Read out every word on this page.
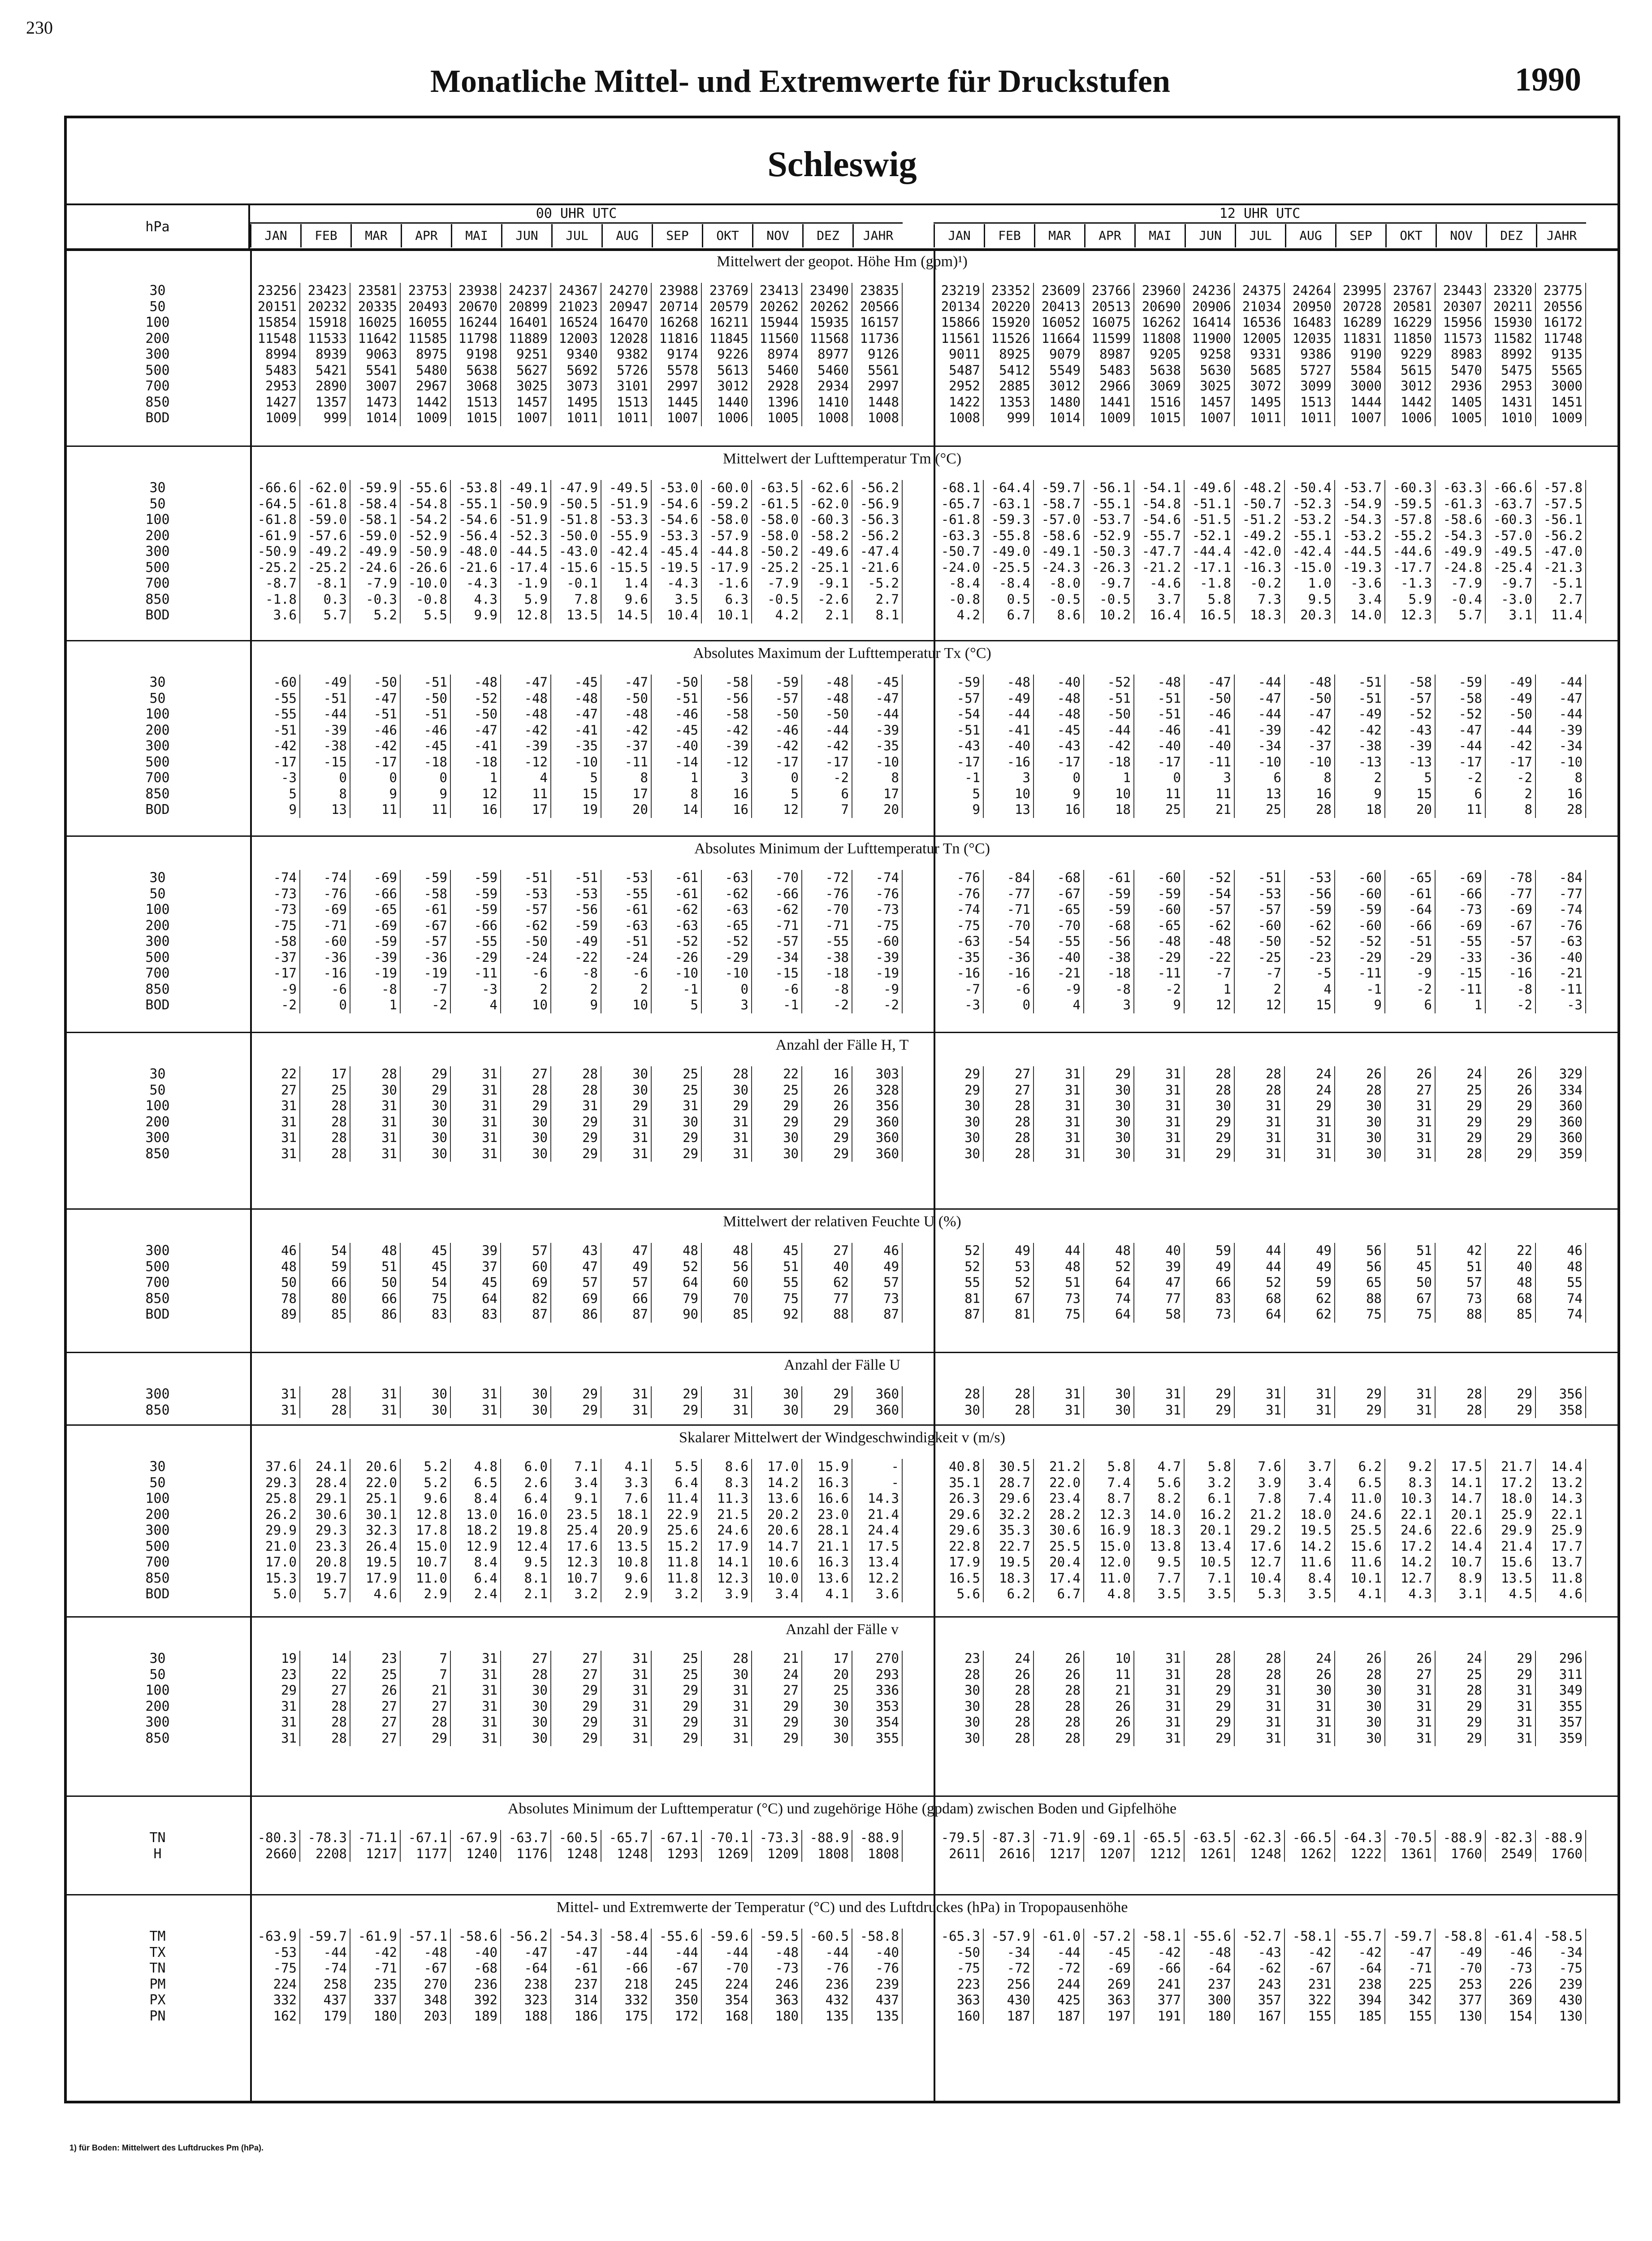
230
Monatliche Mittel- und Extremwerte für Druckstufen	1990
Schleswig
hPa
00 UHR UTC	12 UHR UTC
JAN	FEB	MAR	APR	MAI	JUN	JUL	AUG	SEP	OKT	NOV	DEZ	JAHR	JAN	FEB	MAR	APR	MAI	JUN	JUL	AUG	SEP	OKT	NOV	DEZ	JAHR
Mittelwert der geopot. Höhe Hm (gpm)¹)
30	23256 23423 23581 23753 23938 24237 24367 24270 23988 23769 23413 23490 23835	23219 23352 23609 23766 23960 24236 24375 24264 23995 23767 23443 23320 23775
50	20151 20232 20335 20493 20670 20899 21023 20947 20714 20579 20262 20262 20566	20134 20220 20413 20513 20690 20906 21034 20950 20728 20581 20307 20211 20556
100	15854 15918 16025 16055 16244 16401 16524 16470 16268 16211 15944 15935 16157	15866 15920 16052 16075 16262 16414 16536 16483 16289 16229 15956 15930 16172
200	11548 11533 11642 11585 11798 11889 12003 12028 11816 11845 11560 11568 11736	11561 11526 11664 11599 11808 11900 12005 12035 11831 11850 11573 11582 11748
300	8994	8939	9063	8975	9198	9251	9340	9382	9174	9226	8974	8977	9126	9011	8925	9079	8987	9205	9258	9331	9386	9190	9229	8983	8992	9135
500	5483	5421	5541	5480	5638	5627	5692	5726	5578	5613	5460	5460	5561	5487	5412	5549	5483	5638	5630	5685	5727	5584	5615	5470	5475	5565
700	2953	2890	3007	2967	3068	3025	3073	3101	2997	3012	2928	2934	2997	2952	2885	3012	2966	3069	3025	3072	3099	3000	3012	2936	2953	3000
850	1427	1357	1473	1442	1513	1457	1495	1513	1445	1440	1396	1410	1448	1422	1353	1480	1441	1516	1457	1495	1513	1444	1442	1405	1431	1451
BOD	1009	999	1014	1009	1015	1007	1011	1011	1007	1006	1005	1008	1008	1008	999	1014	1009	1015	1007	1011	1011	1007	1006	1005	1010	1009
Mittelwert der Lufttemperatur Tm (°C)
30	-66.6 -62.0 -59.9 -55.6 -53.8 -49.1 -47.9 -49.5 -53.0 -60.0 -63.5 -62.6 -56.2	-68.1 -64.4 -59.7 -56.1 -54.1 -49.6 -48.2 -50.4 -53.7 -60.3 -63.3 -66.6 -57.8
50	-64.5 -61.8 -58.4 -54.8 -55.1 -50.9 -50.5 -51.9 -54.6 -59.2 -61.5 -62.0 -56.9	-65.7 -63.1 -58.7 -55.1 -54.8 -51.1 -50.7 -52.3 -54.9 -59.5 -61.3 -63.7 -57.5
100	-61.8 -59.0 -58.1 -54.2 -54.6 -51.9 -51.8 -53.3 -54.6 -58.0 -58.0 -60.3 -56.3	-61.8 -59.3 -57.0 -53.7 -54.6 -51.5 -51.2 -53.2 -54.3 -57.8 -58.6 -60.3 -56.1
200	-61.9 -57.6 -59.0 -52.9 -56.4 -52.3 -50.0 -55.9 -53.3 -57.9 -58.0 -58.2 -56.2	-63.3 -55.8 -58.6 -52.9 -55.7 -52.1 -49.2 -55.1 -53.2 -55.2 -54.3 -57.0 -56.2
300	-50.9 -49.2 -49.9 -50.9 -48.0 -44.5 -43.0 -42.4 -45.4 -44.8 -50.2 -49.6 -47.4	-50.7 -49.0 -49.1 -50.3 -47.7 -44.4 -42.0 -42.4 -44.5 -44.6 -49.9 -49.5 -47.0
500	-25.2 -25.2 -24.6 -26.6 -21.6 -17.4 -15.6 -15.5 -19.5 -17.9 -25.2 -25.1 -21.6	-24.0 -25.5 -24.3 -26.3 -21.2 -17.1 -16.3 -15.0 -19.3 -17.7 -24.8 -25.4 -21.3
700	-8.7	-8.1	-7.9 -10.0	-4.3	-1.9	-0.1	1.4	-4.3	-1.6	-7.9	-9.1	-5.2	-8.4	-8.4	-8.0	-9.7	-4.6	-1.8	-0.2	1.0	-3.6	-1.3	-7.9	-9.7	-5.1
850	-1.8	0.3	-0.3	-0.8	4.3	5.9	7.8	9.6	3.5	6.3	-0.5	-2.6	2.7	-0.8	0.5	-0.5	-0.5	3.7	5.8	7.3	9.5	3.4	5.9	-0.4	-3.0	2.7
BOD	3.6	5.7	5.2	5.5	9.9	12.8	13.5	14.5	10.4	10.1	4.2	2.1	8.1	4.2	6.7	8.6	10.2	16.4	16.5	18.3	20.3	14.0	12.3	5.7	3.1	11.4
Absolutes Maximum der Lufttemperatur Tx (°C)
30	-60	-49	-50	-51	-48	-47	-45	-47	-50	-58	-59	-48	-45	-59	-48	-40	-52	-48	-47	-44	-48	-51	-58	-59	-49	-44
50	-55	-51	-47	-50	-52	-48	-48	-50	-51	-56	-57	-48	-47	-57	-49	-48	-51	-51	-50	-47	-50	-51	-57	-58	-49	-47
100	-55	-44	-51	-51	-50	-48	-47	-48	-46	-58	-50	-50	-44	-54	-44	-48	-50	-51	-46	-44	-47	-49	-52	-52	-50	-44
200	-51	-39	-46	-46	-47	-42	-41	-42	-45	-42	-46	-44	-39	-51	-41	-45	-44	-46	-41	-39	-42	-42	-43	-47	-44	-39
300	-42	-38	-42	-45	-41	-39	-35	-37	-40	-39	-42	-42	-35	-43	-40	-43	-42	-40	-40	-34	-37	-38	-39	-44	-42	-34
500	-17	-15	-17	-18	-18	-12	-10	-11	-14	-12	-17	-17	-10	-17	-16	-17	-18	-17	-11	-10	-10	-13	-13	-17	-17	-10
700	-3	0	0	0	1	4	5	8	1	3	0	-2	8	-1	3	0	1	0	3	6	8	2	5	-2	-2	8
850	5	8	9	9	12	11	15	17	8	16	5	6	17	5	10	9	10	11	11	13	16	9	15	6	2	16
BOD	9	13	11	11	16	17	19	20	14	16	12	7	20	9	13	16	18	25	21	25	28	18	20	11	8	28
Absolutes Minimum der Lufttemperatur Tn (°C)
30	-74	-74	-69	-59	-59	-51	-51	-53	-61	-63	-70	-72	-74	-76	-84	-68	-61	-60	-52	-51	-53	-60	-65	-69	-78	-84
50	-73	-76	-66	-58	-59	-53	-53	-55	-61	-62	-66	-76	-76	-76	-77	-67	-59	-59	-54	-53	-56	-60	-61	-66	-77	-77
100	-73	-69	-65	-61	-59	-57	-56	-61	-62	-63	-62	-70	-73	-74	-71	-65	-59	-60	-57	-57	-59	-59	-64	-73	-69	-74
200	-75	-71	-69	-67	-66	-62	-59	-63	-63	-65	-71	-71	-75	-75	-70	-70	-68	-65	-62	-60	-62	-60	-66	-69	-67	-76
300	-58	-60	-59	-57	-55	-50	-49	-51	-52	-52	-57	-55	-60	-63	-54	-55	-56	-48	-48	-50	-52	-52	-51	-55	-57	-63
500	-37	-36	-39	-36	-29	-24	-22	-24	-26	-29	-34	-38	-39	-35	-36	-40	-38	-29	-22	-25	-23	-29	-29	-33	-36	-40
700	-17	-16	-19	-19	-11	-6	-8	-6	-10	-10	-15	-18	-19	-16	-16	-21	-18	-11	-7	-7	-5	-11	-9	-15	-16	-21
850	-9	-6	-8	-7	-3	2	2	2	-1	0	-6	-8	-9	-7	-6	-9	-8	-2	1	2	4	-1	-2	-11	-8	-11
BOD	-2	0	1	-2	4	10	9	10	5	3	-1	-2	-2	-3	0	4	3	9	12	12	15	9	6	1	-2	-3
Anzahl der Fälle H, T
30	22	17	28	29	31	27	28	30	25	28	22	16	303	29	27	31	29	31	28	28	24	26	26	24	26	329
50	27	25	30	29	31	28	28	30	25	30	25	26	328	29	27	31	30	31	28	28	24	28	27	25	26	334
100	31	28	31	30	31	29	31	29	31	29	29	26	356	30	28	31	30	31	30	31	29	30	31	29	29	360
200	31	28	31	30	31	30	29	31	30	31	29	29	360	30	28	31	30	31	29	31	31	30	31	29	29	360
300	31	28	31	30	31	30	29	31	29	31	30	29	360	30	28	31	30	31	29	31	31	30	31	29	29	360
850	31	28	31	30	31	30	29	31	29	31	30	29	360	30	28	31	30	31	29	31	31	30	31	28	29	359
Mittelwert der relativen Feuchte U (%)
300	46	54	48	45	39	57	43	47	48	48	45	27	46	52	49	44	48	40	59	44	49	56	51	42	22	46
500	48	59	51	45	37	60	47	49	52	56	51	40	49	52	53	48	52	39	49	44	49	56	45	51	40	48
700	50	66	50	54	45	69	57	57	64	60	55	62	57	55	52	51	64	47	66	52	59	65	50	57	48	55
850	78	80	66	75	64	82	69	66	79	70	75	77	73	81	67	73	74	77	83	68	62	88	67	73	68	74
BOD	89	85	86	83	83	87	86	87	90	85	92	88	87	87	81	75	64	58	73	64	62	75	75	88	85	74
Anzahl der Fälle U
300	31	28	31	30	31	30	29	31	29	31	30	29	360	28	28	31	30	31	29	31	31	29	31	28	29	356
850	31	28	31	30	31	30	29	31	29	31	30	29	360	30	28	31	30	31	29	31	31	29	31	28	29	358
Skalarer Mittelwert der Windgeschwindigkeit v (m/s)
30	37.6	24.1	20.6	5.2	4.8	6.0	7.1	4.1	5.5	8.6	17.0	15.9	-	40.8	30.5	21.2	5.8	4.7	5.8	7.6	3.7	6.2	9.2	17.5	21.7	14.4
50	29.3	28.4	22.0	5.2	6.5	2.6	3.4	3.3	6.4	8.3	14.2	16.3	-	35.1	28.7	22.0	7.4	5.6	3.2	3.9	3.4	6.5	8.3	14.1	17.2	13.2
100	25.8	29.1	25.1	9.6	8.4	6.4	9.1	7.6	11.4	11.3	13.6	16.6	14.3	26.3	29.6	23.4	8.7	8.2	6.1	7.8	7.4	11.0	10.3	14.7	18.0	14.3
200	26.2	30.6	30.1	12.8	13.0	16.0	23.5	18.1	22.9	21.5	20.2	23.0	21.4	29.6	32.2	28.2	12.3	14.0	16.2	21.2	18.0	24.6	22.1	20.1	25.9	22.1
300	29.9	29.3	32.3	17.8	18.2	19.8	25.4	20.9	25.6	24.6	20.6	28.1	24.4	29.6	35.3	30.6	16.9	18.3	20.1	29.2	19.5	25.5	24.6	22.6	29.9	25.9
500	21.0	23.3	26.4	15.0	12.9	12.4	17.6	13.5	15.2	17.9	14.7	21.1	17.5	22.8	22.7	25.5	15.0	13.8	13.4	17.6	14.2	15.6	17.2	14.4	21.4	17.7
700	17.0	20.8	19.5	10.7	8.4	9.5	12.3	10.8	11.8	14.1	10.6	16.3	13.4	17.9	19.5	20.4	12.0	9.5	10.5	12.7	11.6	11.6	14.2	10.7	15.6	13.7
850	15.3	19.7	17.9	11.0	6.4	8.1	10.7	9.6	11.8	12.3	10.0	13.6	12.2	16.5	18.3	17.4	11.0	7.7	7.1	10.4	8.4	10.1	12.7	8.9	13.5	11.8
BOD	5.0	5.7	4.6	2.9	2.4	2.1	3.2	2.9	3.2	3.9	3.4	4.1	3.6	5.6	6.2	6.7	4.8	3.5	3.5	5.3	3.5	4.1	4.3	3.1	4.5	4.6
Anzahl der Fälle v
30	19	14	23	7	31	27	27	31	25	28	21	17	270	23	24	26	10	31	28	28	24	26	26	24	29	296
50	23	22	25	7	31	28	27	31	25	30	24	20	293	28	26	26	11	31	28	28	26	28	27	25	29	311
100	29	27	26	21	31	30	29	31	29	31	27	25	336	30	28	28	21	31	29	31	30	30	31	28	31	349
200	31	28	27	27	31	30	29	31	29	31	29	30	353	30	28	28	26	31	29	31	31	30	31	29	31	355
300	31	28	27	28	31	30	29	31	29	31	29	30	354	30	28	28	26	31	29	31	31	30	31	29	31	357
850	31	28	27	29	31	30	29	31	29	31	29	30	355	30	28	28	29	31	29	31	31	30	31	29	31	359
Absolutes Minimum der Lufttemperatur (°C) und zugehörige Höhe (gpdam) zwischen Boden und Gipfelhöhe
TN	-80.3 -78.3 -71.1 -67.1 -67.9 -63.7 -60.5 -65.7 -67.1 -70.1 -73.3 -88.9 -88.9	-79.5 -87.3 -71.9 -69.1 -65.5 -63.5 -62.3 -66.5 -64.3 -70.5 -88.9 -82.3 -88.9
H	2660	2208	1217	1177	1240	1176	1248	1248	1293	1269	1209	1808	1808	2611	2616	1217	1207	1212	1261	1248	1262	1222	1361	1760	2549	1760
Mittel- und Extremwerte der Temperatur (°C) und des Luftdruckes (hPa) in Tropopausenhöhe
TM	-63.9 -59.7 -61.9 -57.1 -58.6 -56.2 -54.3 -58.4 -55.6 -59.6 -59.5 -60.5 -58.8	-65.3 -57.9 -61.0 -57.2 -58.1 -55.6 -52.7 -58.1 -55.7 -59.7 -58.8 -61.4 -58.5
TX	-53	-44	-42	-48	-40	-47	-47	-44	-44	-44	-48	-44	-40	-50	-34	-44	-45	-42	-48	-43	-42	-42	-47	-49	-46	-34
TN	-75	-74	-71	-67	-68	-64	-61	-66	-67	-70	-73	-76	-76	-75	-72	-72	-69	-66	-64	-62	-67	-64	-71	-70	-73	-75
PM	224	258	235	270	236	238	237	218	245	224	246	236	239	223	256	244	269	241	237	243	231	238	225	253	226	239
PX	332	437	337	348	392	323	314	332	350	354	363	432	437	363	430	425	363	377	300	357	322	394	342	377	369	430
PN	162	179	180	203	189	188	186	175	172	168	180	135	135	160	187	187	197	191	180	167	155	185	155	130	154	130
1) für Boden: Mittelwert des Luftdruckes Pm (hPa).
